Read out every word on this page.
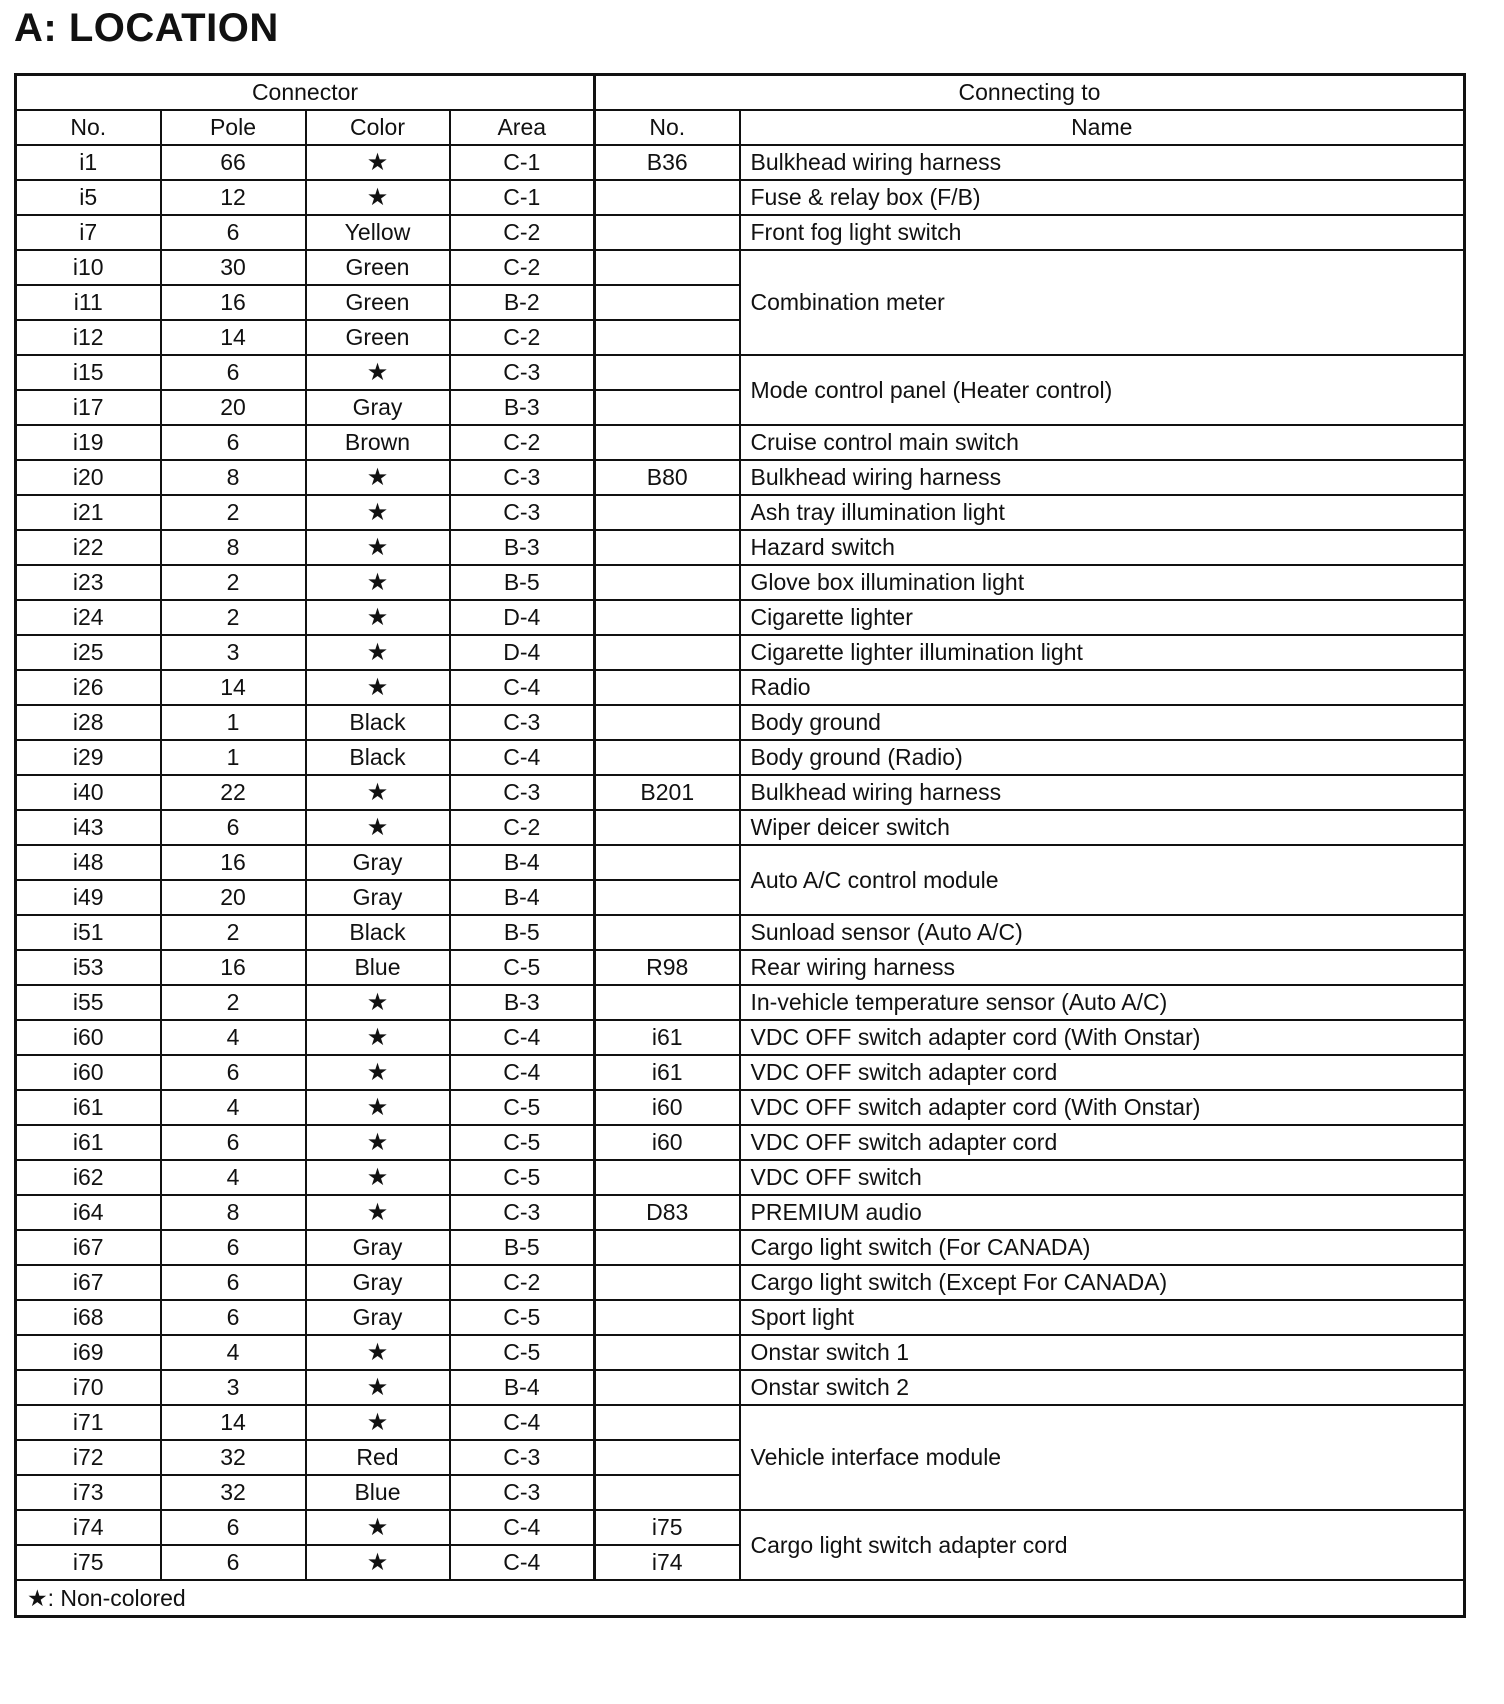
A: LOCATION
Connector				Connecting to	
No.	Pole	Color	Area	No.	Name
i1	66	★	C-1	B36	Bulkhead wiring harness
i5	12	★	C-1		Fuse & relay box (F/B)
i7	6	Yellow	C-2		Front fog light switch
i10	30	Green	C-2		Combination meter
i11	16	Green	B-2		
i12	14	Green	C-2		
i15	6	★	C-3		Mode control panel (Heater control)
i17	20	Gray	B-3		
i19	6	Brown	C-2		Cruise control main switch
i20	8	★	C-3	B80	Bulkhead wiring harness
i21	2	★	C-3		Ash tray illumination light
i22	8	★	B-3		Hazard switch
i23	2	★	B-5		Glove box illumination light
i24	2	★	D-4		Cigarette lighter
i25	3	★	D-4		Cigarette lighter illumination light
i26	14	★	C-4		Radio
i28	1	Black	C-3		Body ground
i29	1	Black	C-4		Body ground (Radio)
i40	22	★	C-3	B201	Bulkhead wiring harness
i43	6	★	C-2		Wiper deicer switch
i48	16	Gray	B-4		Auto A/C control module
i49	20	Gray	B-4		
i51	2	Black	B-5		Sunload sensor (Auto A/C)
i53	16	Blue	C-5	R98	Rear wiring harness
i55	2	★	B-3		In-vehicle temperature sensor (Auto A/C)
i60	4	★	C-4	i61	VDC OFF switch adapter cord (With Onstar)
i60	6	★	C-4	i61	VDC OFF switch adapter cord
i61	4	★	C-5	i60	VDC OFF switch adapter cord (With Onstar)
i61	6	★	C-5	i60	VDC OFF switch adapter cord
i62	4	★	C-5		VDC OFF switch
i64	8	★	C-3	D83	PREMIUM audio
i67	6	Gray	B-5		Cargo light switch (For CANADA)
i67	6	Gray	C-2		Cargo light switch (Except For CANADA)
i68	6	Gray	C-5		Sport light
i69	4	★	C-5		Onstar switch 1
i70	3	★	B-4		Onstar switch 2
i71	14	★	C-4		Vehicle interface module
i72	32	Red	C-3		
i73	32	Blue	C-3		
i74	6	★	C-4	i75	Cargo light switch adapter cord
i75	6	★	C-4	i74	
★: Non-colored					
